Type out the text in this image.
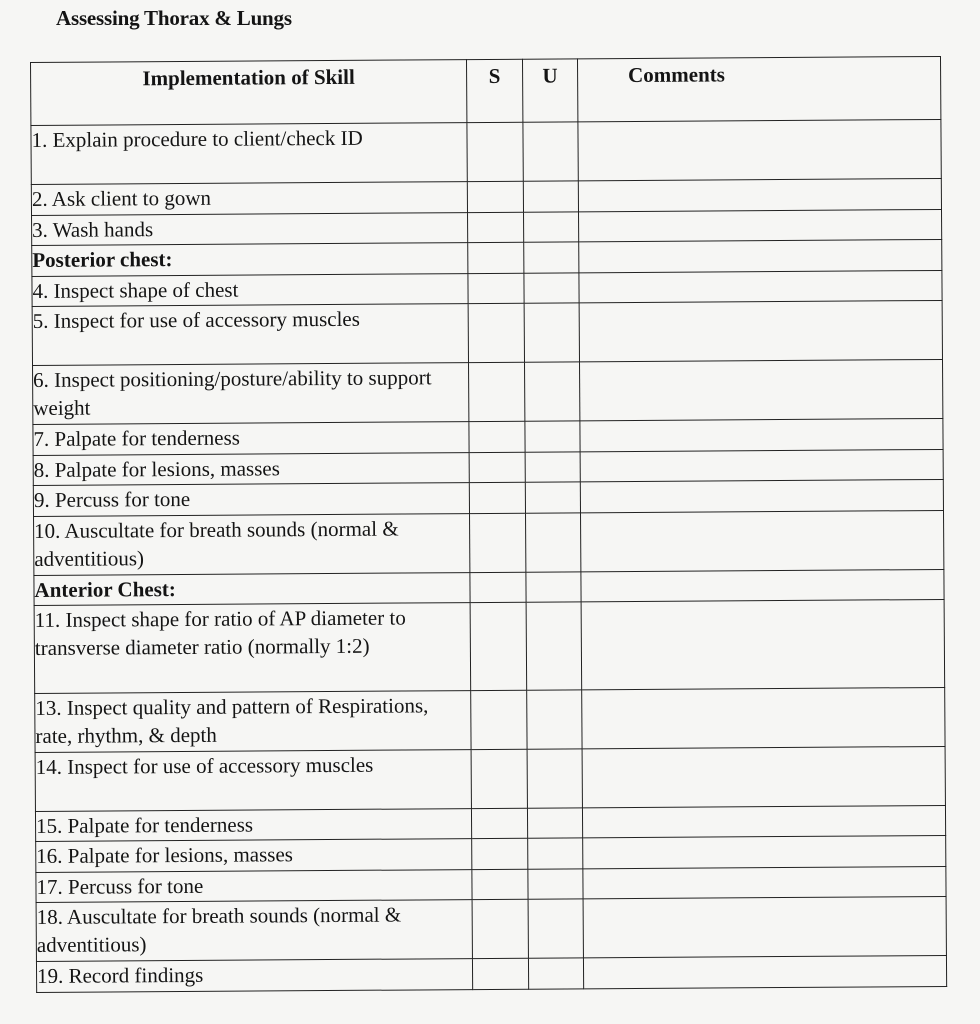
Assessing Thorax & Lungs
Implementation of Skill	S	U	Comments
1. Explain procedure to client/check ID			
2. Ask client to gown			
3. Wash hands			
Posterior chest:			
4. Inspect shape of chest			
5. Inspect for use of accessory muscles			
6. Inspect positioning/posture/ability to support weight			
7. Palpate for tenderness			
8. Palpate for lesions, masses			
9. Percuss for tone			
10. Auscultate for breath sounds (normal & adventitious)			
Anterior Chest:			
11. Inspect shape for ratio of AP diameter to transverse diameter ratio (normally 1:2)			
13. Inspect quality and pattern of Respirations, rate, rhythm, & depth			
14. Inspect for use of accessory muscles			
15. Palpate for tenderness			
16. Palpate for lesions, masses			
17. Percuss for tone			
18. Auscultate for breath sounds (normal & adventitious)			
19. Record findings			
